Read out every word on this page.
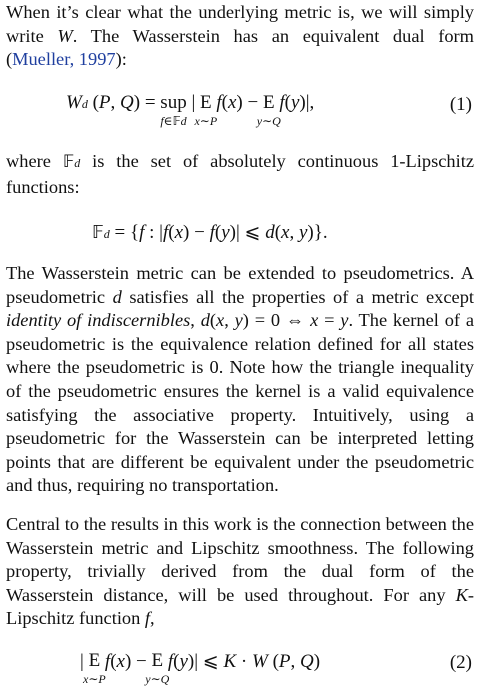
When it’s clear what the underlying metric is, we will simply write W. The Wasserstein has an equivalent dual form (Mueller, 1997):

Wd (P, Q) = sup
f∈𝔽d
| E
x∼P
f(x) − E
y∼Q
f(y)|,	(1)

where 𝔽d is the set of absolutely continuous 1-Lipschitz functions:

𝔽d = {f : |f(x) − f(y)| ⩽ d(x, y)}.

The Wasserstein metric can be extended to pseudometrics. A pseudometric d satisfies all the properties of a metric except identity of indiscernibles, d(x, y) = 0 ⇔ x = y. The kernel of a pseudometric is the equivalence relation defined for all states where the pseudometric is 0. Note how the triangle inequality of the pseudometric ensures the kernel is a valid equivalence satisfying the associative property. Intuitively, using a pseudometric for the Wasserstein can be interpreted letting points that are different be equivalent under the pseudometric and thus, requiring no transportation.

Central to the results in this work is the connection between the Wasserstein metric and Lipschitz smoothness. The following property, trivially derived from the dual form of the Wasserstein distance, will be used throughout. For any K-Lipschitz function f,

| E
x∼P
f(x) − E
y∼Q
f(y)| ⩽ K · W (P, Q)	(2)
